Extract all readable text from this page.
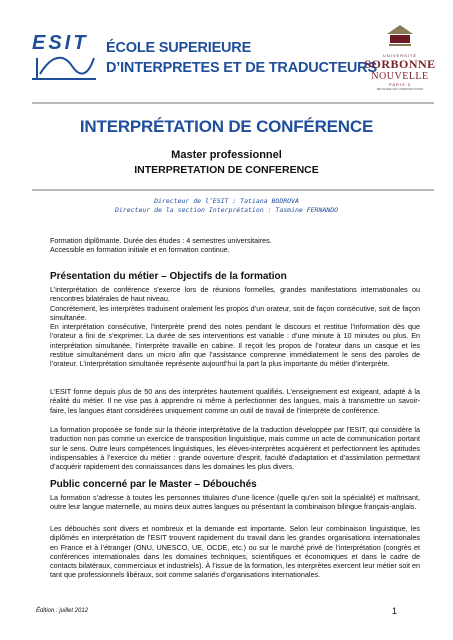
ESIT ÉCOLE SUPERIEURE
D’INTERPRETES ET DE TRADUCTEURS
UNIVERSITÉ
SORBONNE
NOUVELLE
PARIS 3
MÉTHODE DE COMMUNICATION
INTERPRÉTATION DE CONFÉRENCE
Master professionnel
INTERPRETATION DE CONFERENCE
Directeur de l’ESIT : Tatiana BODROVA
Directeur de la section Interprétation : Tasmine FERNANDO
Formation diplômante. Durée des études : 4 semestres universitaires.
Accessible en formation initiale et en formation continue.
Présentation du métier – Objectifs de la formation
L’interprétation de conférence s’exerce lors de réunions formelles, grandes manifestations internationales ou rencontres bilatérales de haut niveau.
Concrètement, les interprètes traduisent oralement les propos d’un orateur, soit de façon consécutive, soit de façon simultanée.
En interprétation consécutive, l’interprète prend des notes pendant le discours et restitue l’information dès que l’orateur a fini de s’exprimer. La durée de ses interventions est variable : d’une minute à 10 minutes ou plus. En interprétation simultanée, l’interprète travaille en cabine. Il reçoit les propos de l’orateur dans un casque et les restitue simultanément dans un micro afin que l’assistance comprenne immédiatement le sens des paroles de l’orateur. L’interprétation simultanée représente aujourd’hui la part la plus importante du métier d’interprète.
L’ESIT forme depuis plus de 50 ans des interprètes hautement qualifiés. L’enseignement est exigeant, adapté à la réalité du métier. Il ne vise pas à apprendre ni même à perfectionner des langues, mais à transmettre un savoir-faire, les langues étant considérées uniquement comme un outil de travail de l’interprète de conférence.
La formation proposée se fonde sur la théorie interprétative de la traduction développée par l’ESIT, qui considère la traduction non pas comme un exercice de transposition linguistique, mais comme un acte de communication portant sur le sens. Outre leurs compétences linguistiques, les élèves-interprètes acquièrent et perfectionnent les aptitudes indispensables à l’exercice du métier : grande ouverture d’esprit, faculté d’adaptation et d’assimilation permettant d’acquérir rapidement des connaissances dans les domaines les plus divers.
Public concerné par le Master – Débouchés
La formation s’adresse à toutes les personnes titulaires d’une licence (quelle qu’en soit la spécialité) et maîtrisant, outre leur langue maternelle, au moins deux autres langues ou présentant la combinaison bilingue français-anglais.
Les débouchés sont divers et nombreux et la demande est importante. Selon leur combinaison linguistique, les diplômés en interprétation de l’ESIT trouvent rapidement du travail dans les grandes organisations internationales en France et à l’étranger (ONU, UNESCO, UE, OCDE, etc.) ou sur le marché privé de l’interprétation (congrès et conférences internationales dans les domaines techniques, scientifiques et économiques et dans le cadre de contacts bilatéraux, commerciaux et industriels). À l’issue de la formation, les interprètes exercent leur métier soit en tant que professionnels libéraux, soit comme salariés d’organisations internationales.
Édition : juillet 2012	1
